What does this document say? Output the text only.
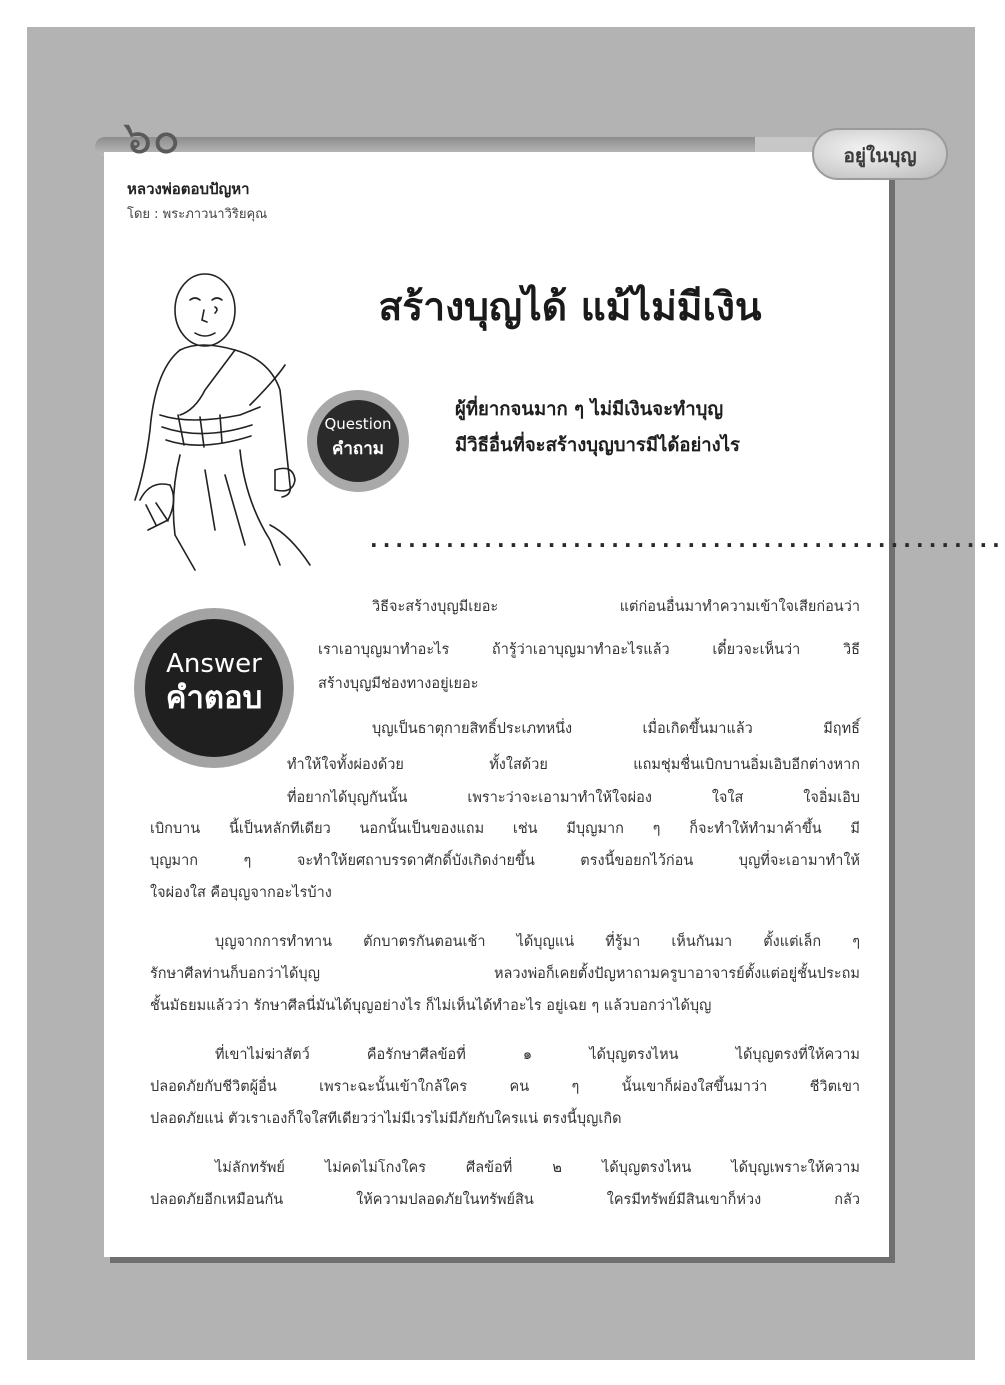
๖๐	อยู่ในบุญ
หลวงพ่อตอบปัญหา
โดย : พระภาวนาวิริยคุณ
สร้างบุญได้ แม้ไม่มีเงิน
Question
คำถาม
ผู้ที่ยากจนมาก ๆ ไม่มีเงินจะทำบุญ
มีวิธีอื่นที่จะสร้างบุญบารมีได้อย่างไร
..................................................
Answer
คำตอบ
วิธีจะสร้างบุญมีเยอะ แต่ก่อนอื่นมาทำความเข้าใจเสียก่อนว่า
เราเอาบุญมาทำอะไร ถ้ารู้ว่าเอาบุญมาทำอะไรแล้ว เดี๋ยวจะเห็นว่า วิธี
สร้างบุญมีช่องทางอยู่เยอะ
บุญเป็นธาตุกายสิทธิ์ประเภทหนึ่ง เมื่อเกิดขึ้นมาแล้ว มีฤทธิ์
ทำให้ใจทั้งผ่องด้วย ทั้งใสด้วย แถมชุ่มชื่นเบิกบานอิ่มเอิบอีกต่างหาก
ที่อยากได้บุญกันนั้น เพราะว่าจะเอามาทำให้ใจผ่อง ใจใส ใจอิ่มเอิบ
เบิกบาน นี้เป็นหลักทีเดียว นอกนั้นเป็นของแถม เช่น มีบุญมาก ๆ ก็จะทำให้ทำมาค้าขึ้น มี
บุญมาก ๆ จะทำให้ยศถาบรรดาศักดิ์บังเกิดง่ายขึ้น ตรงนี้ขอยกไว้ก่อน บุญที่จะเอามาทำให้
ใจผ่องใส คือบุญจากอะไรบ้าง
บุญจากการทำทาน ตักบาตรกันตอนเช้า ได้บุญแน่ ที่รู้มา เห็นกันมา ตั้งแต่เล็ก ๆ
รักษาศีลท่านก็บอกว่าได้บุญ หลวงพ่อก็เคยตั้งปัญหาถามครูบาอาจารย์ตั้งแต่อยู่ชั้นประถม
ชั้นมัธยมแล้วว่า รักษาศีลนี่มันได้บุญอย่างไร ก็ไม่เห็นได้ทำอะไร อยู่เฉย ๆ แล้วบอกว่าได้บุญ
ที่เขาไม่ฆ่าสัตว์ คือรักษาศีลข้อที่ ๑ ได้บุญตรงไหน ได้บุญตรงที่ให้ความ
ปลอดภัยกับชีวิตผู้อื่น เพราะฉะนั้นเข้าใกล้ใคร คน ๆ นั้นเขาก็ผ่องใสขึ้นมาว่า ชีวิตเขา
ปลอดภัยแน่ ตัวเราเองก็ใจใสทีเดียวว่าไม่มีเวรไม่มีภัยกับใครแน่ ตรงนี้บุญเกิด
ไม่ลักทรัพย์ ไม่คดไม่โกงใคร ศีลข้อที่ ๒ ได้บุญตรงไหน ได้บุญเพราะให้ความ
ปลอดภัยอีกเหมือนกัน ให้ความปลอดภัยในทรัพย์สิน ใครมีทรัพย์มีสินเขาก็ห่วง กลัว
